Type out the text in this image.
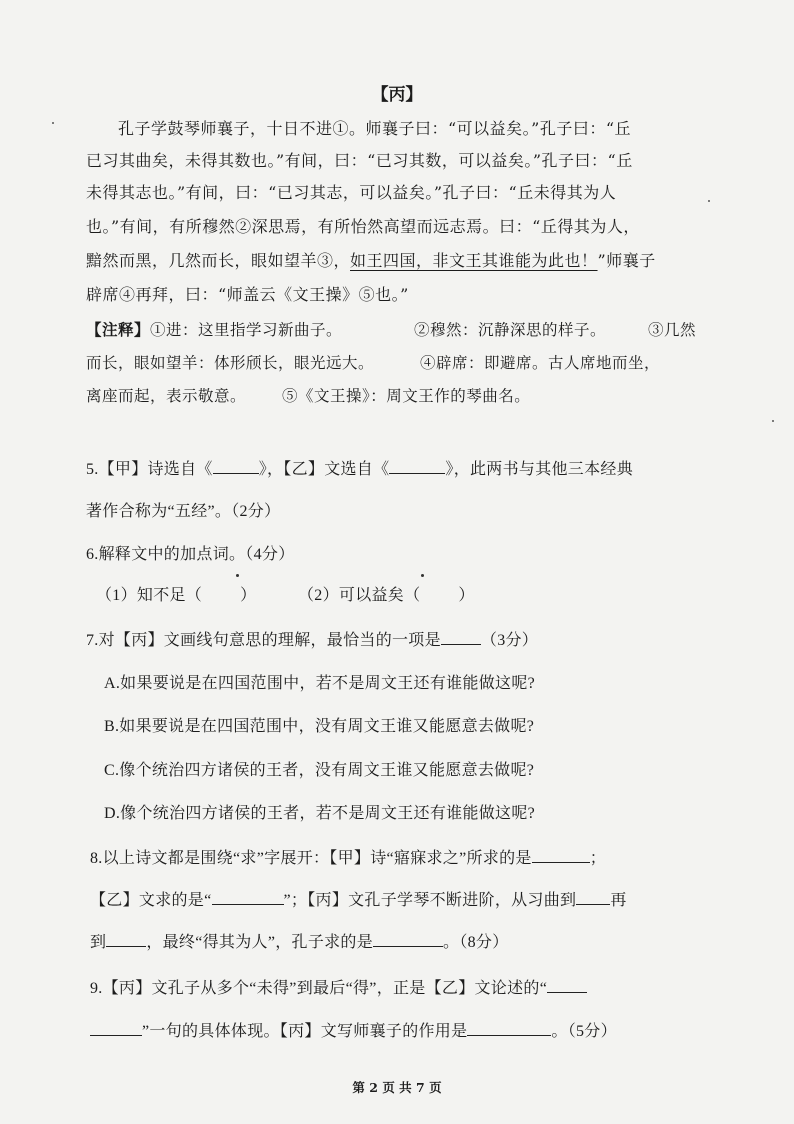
【丙】
孔子学鼓琴师襄子，十日不进①。师襄子曰：“可以益矣。”孔子曰：“丘
已习其曲矣，未得其数也。”有间，曰：“已习其数，可以益矣。”孔子曰：“丘
未得其志也。”有间，曰：“已习其志，可以益矣。”孔子曰：“丘未得其为人
也。”有间，有所穆然②深思焉，有所怡然高望而远志焉。曰：“丘得其为人，
黯然而黑，几然而长，眼如望羊③，如王四国，非文王其谁能为此也！”师襄子
辟席④再拜，曰：“师盖云《文王操》⑤也。”
【注释】①进：这里指学习新曲子。	②穆然：沉静深思的样子。	③几然
而长，眼如望羊：体形颀长，眼光远大。	④辟席：即避席。古人席地而坐，
离座而起，表示敬意。 ⑤《文王操》：周文王作的琴曲名。
5.【甲】诗选自《	》，【乙】文选自《	》，此两书与其他三本经典
著作合称为“五经”。（2分）
6.解释文中的加点词。（4分）
（1）知不足（ ）	（2）可以益矣（ ）
7.对【丙】文画线句意思的理解，最恰当的一项是	（3分）
A.如果要说是在四国范围中，若不是周文王还有谁能做这呢?
B.如果要说是在四国范围中，没有周文王谁又能愿意去做呢?
C.像个统治四方诸侯的王者，没有周文王谁又能愿意去做呢?
D.像个统治四方诸侯的王者，若不是周文王还有谁能做这呢?
8.以上诗文都是围绕“求”字展开：【甲】诗“寤寐求之”所求的是	；
【乙】文求的是“	”；【丙】文孔子学琴不断进阶，从习曲到 再
到	，最终“得其为人”，孔子求的是	。（8分）
9.【丙】文孔子从多个“未得”到最后“得”，正是【乙】文论述的“
”一句的具体体现。【丙】文写师襄子的作用是	。（5分）
第 2 页 共 7 页
